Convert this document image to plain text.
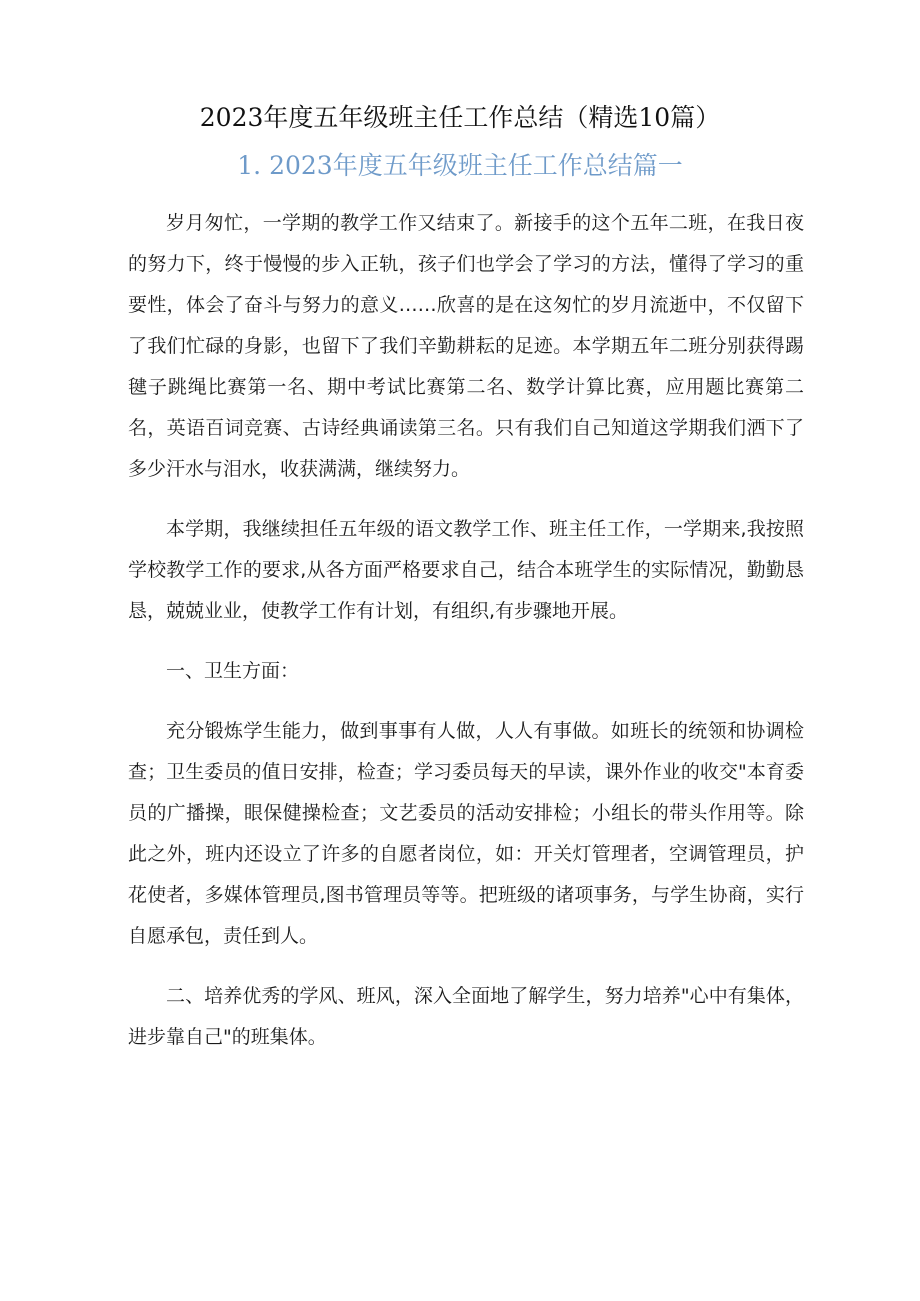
2023年度五年级班主任工作总结（精选10篇）
1. 2023年度五年级班主任工作总结篇一

岁月匆忙，一学期的教学工作又结束了。新接手的这个五年二班，在我日夜的努力下，终于慢慢的步入正轨，孩子们也学会了学习的方法，懂得了学习的重要性，体会了奋斗与努力的意义……欣喜的是在这匆忙的岁月流逝中，不仅留下了我们忙碌的身影，也留下了我们辛勤耕耘的足迹。本学期五年二班分别获得踢毽子跳绳比赛第一名、期中考试比赛第二名、数学计算比赛，应用题比赛第二名，英语百词竞赛、古诗经典诵读第三名。只有我们自己知道这学期我们洒下了多少汗水与泪水，收获满满，继续努力。

本学期，我继续担任五年级的语文教学工作、班主任工作，一学期来,我按照学校教学工作的要求,从各方面严格要求自己，结合本班学生的实际情况，勤勤恳恳，兢兢业业，使教学工作有计划，有组织,有步骤地开展。

一、卫生方面：

充分锻炼学生能力，做到事事有人做，人人有事做。如班长的统领和协调检查；卫生委员的值日安排，检查；学习委员每天的早读，课外作业的收交"本育委员的广播操，眼保健操检查；文艺委员的活动安排检；小组长的带头作用等。除此之外，班内还设立了许多的自愿者岗位，如：开关灯管理者，空调管理员，护花使者，多媒体管理员,图书管理员等等。把班级的诸项事务，与学生协商，实行自愿承包，责任到人。

二、培养优秀的学风、班风，深入全面地了解学生，努力培养"心中有集体，进步靠自己"的班集体。
